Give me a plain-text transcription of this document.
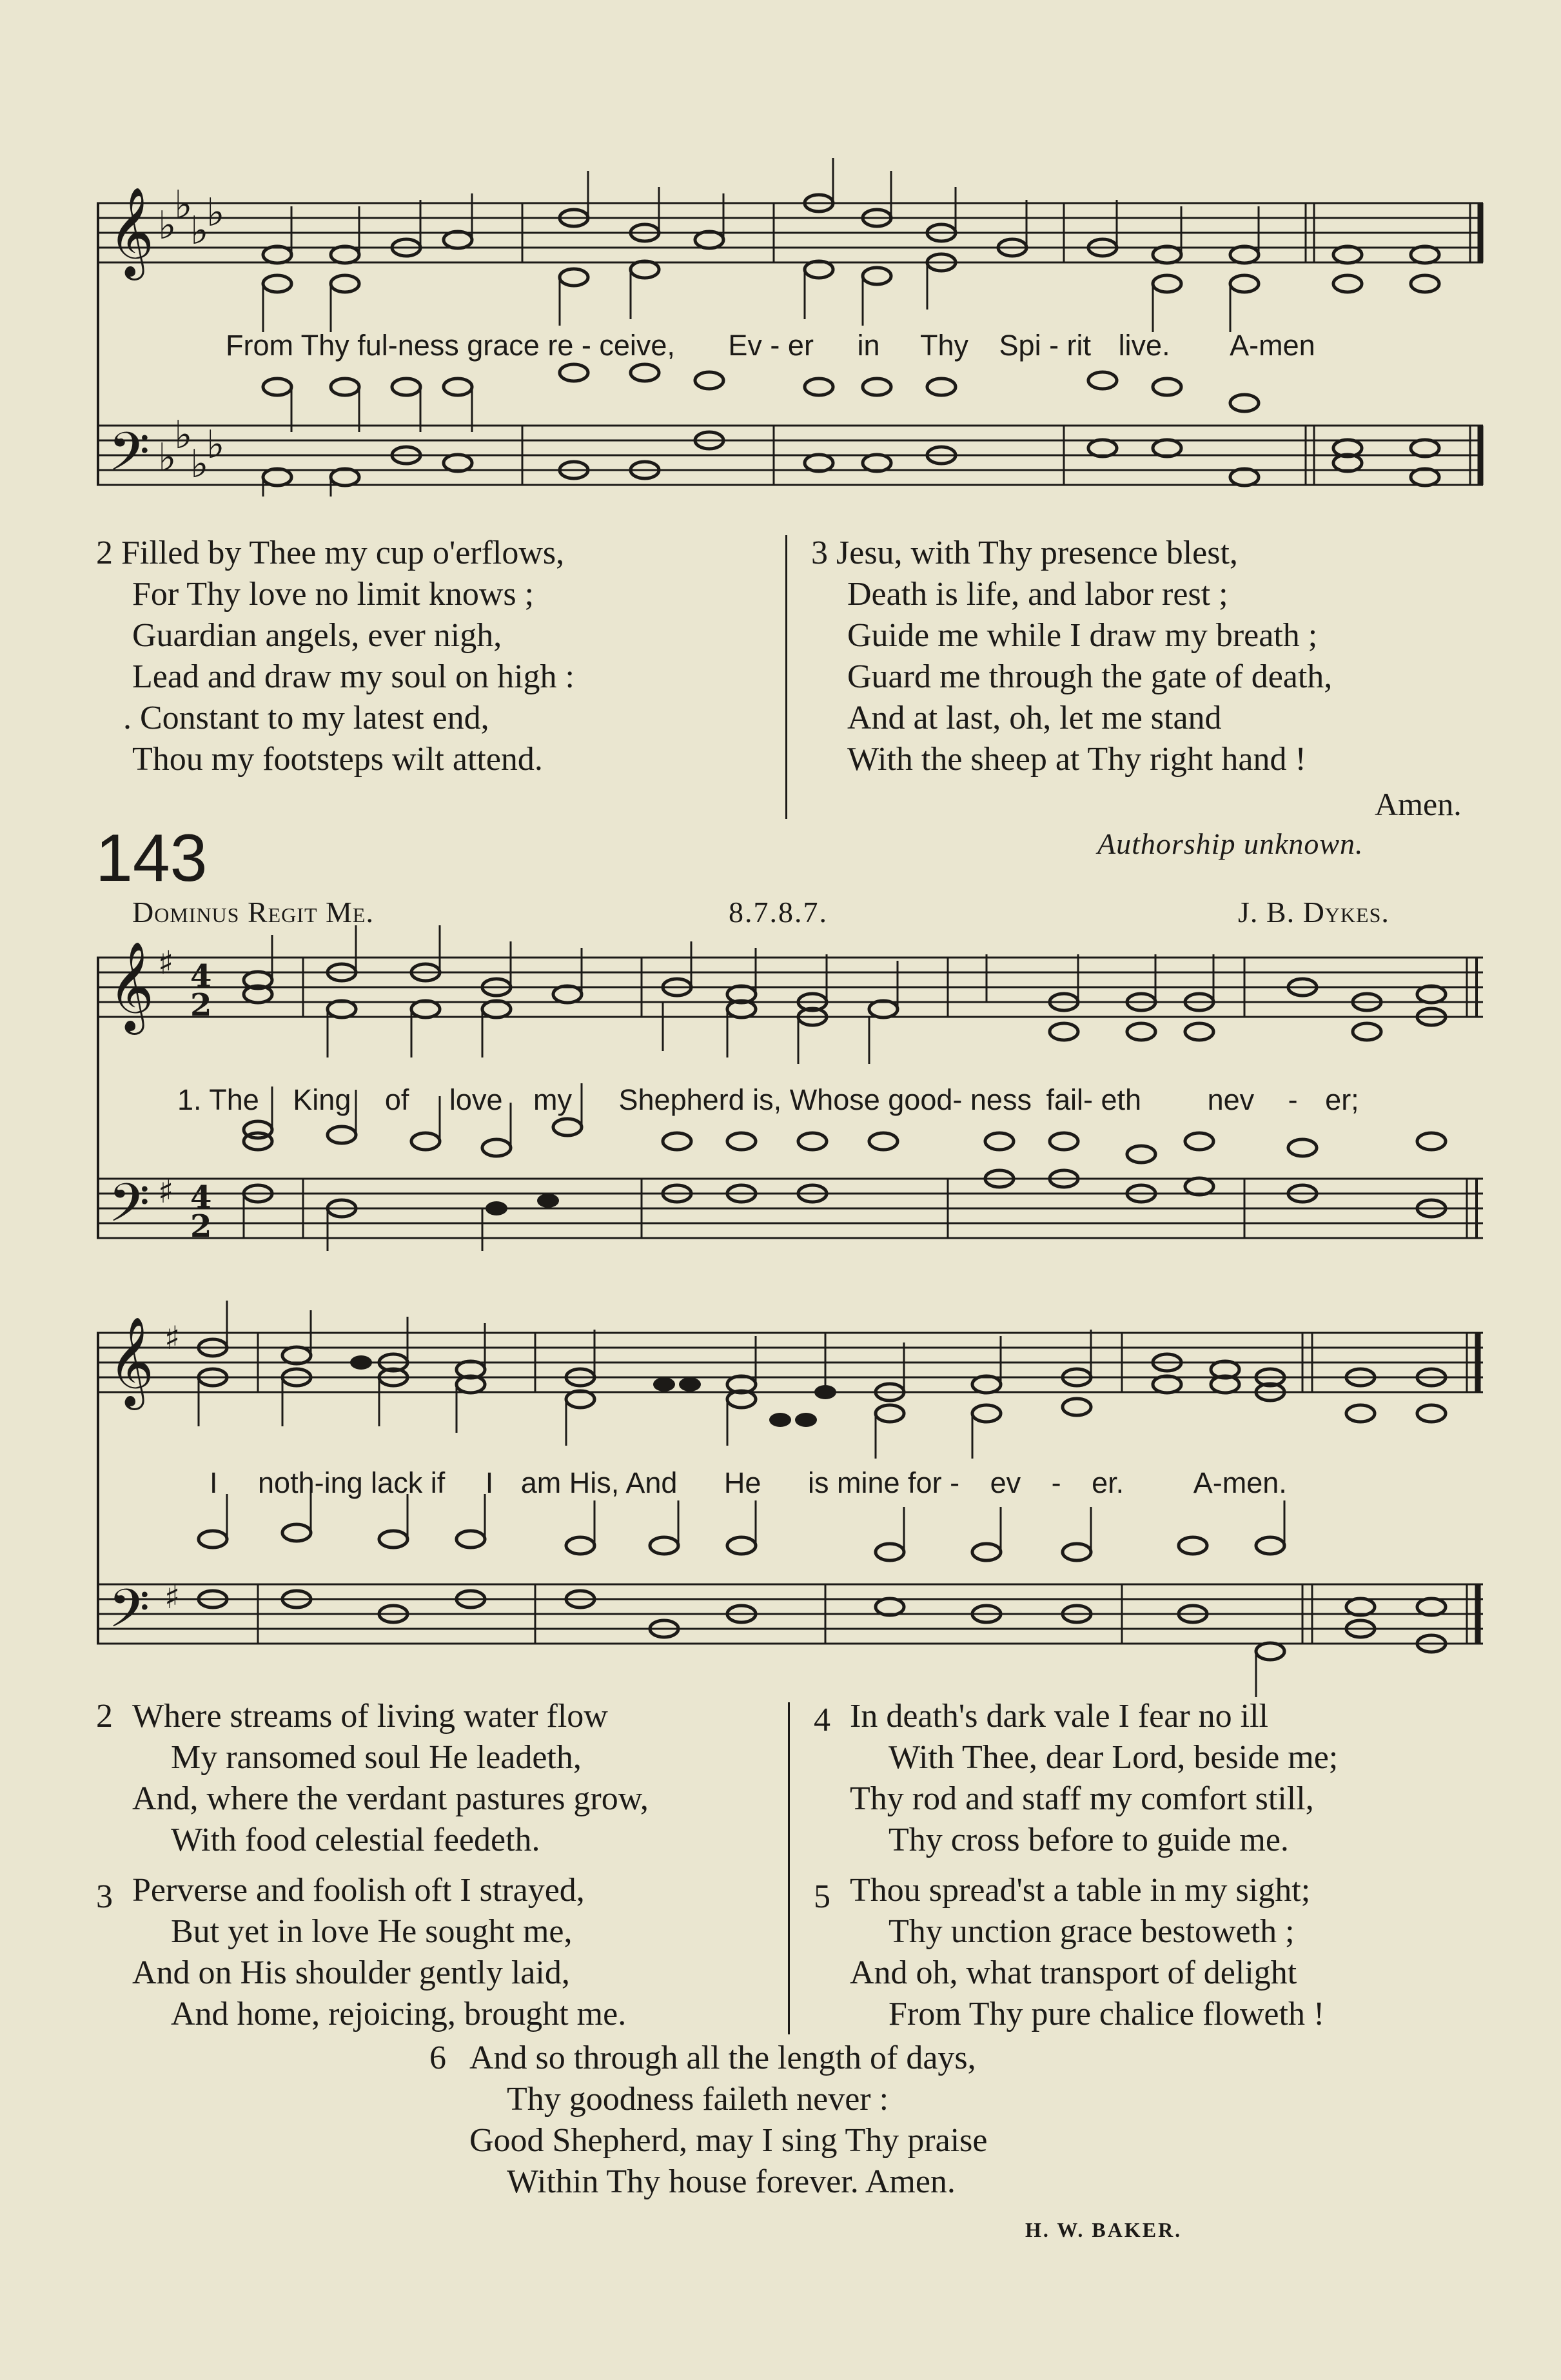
𝄞
𝄢
♭
♭
♭
♭
♭
♭
♭
♭
From Thy ful-ness grace re - ceive, Ev - er in Thy Spi - rit live. A-men
2 Filled by Thee my cup o'erflows,
For Thy love no limit knows ;
Guardian angels, ever nigh,
Lead and draw my soul on high :
. Constant to my latest end,
Thou my footsteps wilt attend.
3 Jesu, with Thy presence blest,
Death is life, and labor rest ;
Guide me while I draw my breath ;
Guard me through the gate of death,
And at last, oh, let me stand
With the sheep at Thy right hand !
Amen.
Authorship unknown.
143
Dominus Regit Me.	8.7.8.7.	J. B. Dykes.
𝄞
𝄢
♯
♯
4
2
4
2
1. The King of love my Shepherd is, Whose good- ness fail- eth nev - er;
𝄞
𝄢
♯
♯
I noth-ing lack if I am His, And He is mine for - ev - er. A-men.
2 Where streams of living water flow
My ransomed soul He leadeth,
And, where the verdant pastures grow,
With food celestial feedeth.
3 Perverse and foolish oft I strayed,
But yet in love He sought me,
And on His shoulder gently laid,
And home, rejoicing, brought me.
4 In death's dark vale I fear no ill
With Thee, dear Lord, beside me;
Thy rod and staff my comfort still,
Thy cross before to guide me.
5 Thou spread'st a table in my sight;
Thy unction grace bestoweth ;
And oh, what transport of delight
From Thy pure chalice floweth !
6 And so through all the length of days,
Thy goodness faileth never :
Good Shepherd, may I sing Thy praise
Within Thy house forever. Amen.
H. W. BAKER.
